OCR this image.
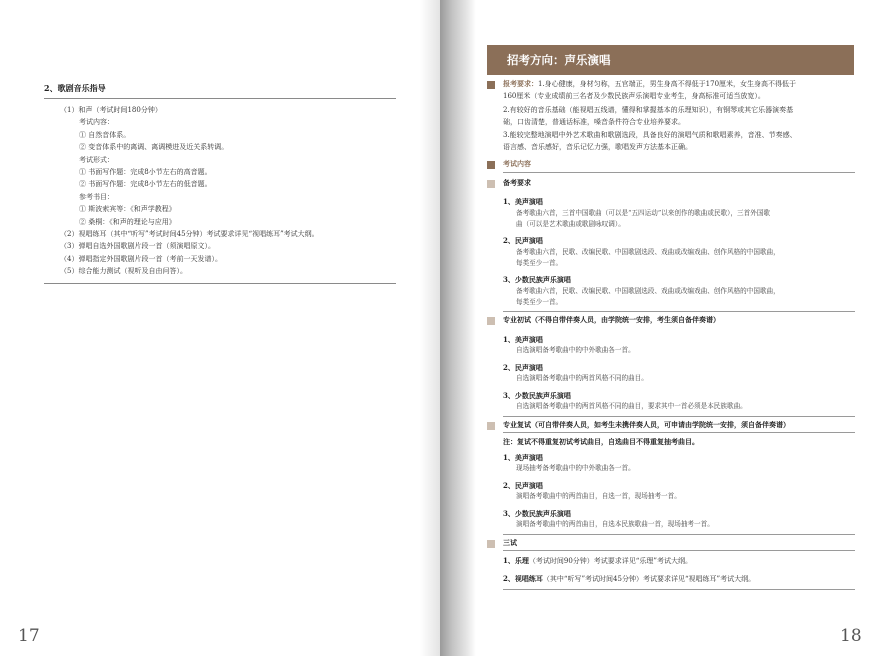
2、歌剧音乐指导
（1）和声（考试时间180分钟）
考试内容：
① 自然音体系。
② 变音体系中的离调、离调模进及近关系转调。
考试形式：
① 书面写作题：完成8小节左右的高音题。
② 书面写作题：完成8小节左右的低音题。
参考书目：
① 斯波索宾等：《和声学教程》
② 桑桐：《和声的理论与应用》
（2）视唱练耳（其中“听写”考试时间45分钟）考试要求详见“视唱练耳”考试大纲。
（3）弹唱自选外国歌剧片段一首（须演唱原文）。
（4）弹唱指定外国歌剧片段一首（考前一天发谱）。
（5）综合能力测试（视听及自由问答）。
17
招考方向：声乐演唱
报考要求：1.身心健康，身材匀称，五官端正，男生身高不得低于170厘米，女生身高不得低于
160厘米（专业成绩前三名者及少数民族声乐演唱专业考生，身高标准可适当放宽）。
2.有较好的音乐基础（能视唱五线谱，懂得和掌握基本的乐理知识），有钢琴或其它乐器演奏基
础，口齿清楚，普通话标准，嗓音条件符合专业培养要求。
3.能较完整地演唱中外艺术歌曲和歌剧选段，具备良好的演唱气质和歌唱素养，音准、节奏感、
语言感、音乐感好，音乐记忆力强，歌唱发声方法基本正确。
考试内容
备考要求
1、美声演唱
备考歌曲六首，三首中国歌曲（可以是“五四运动”以来创作的歌曲或民歌），三首外国歌
曲（可以是艺术歌曲或歌剧咏叹调）。
2、民声演唱
备考歌曲六首，民歌、改编民歌、中国歌剧选段、戏曲或改编戏曲、创作风格的中国歌曲，
每类至少一首。
3、少数民族声乐演唱
备考歌曲六首，民歌、改编民歌、中国歌剧选段、戏曲或改编戏曲、创作风格的中国歌曲，
每类至少一首。
专业初试（不得自带伴奏人员，由学院统一安排，考生须自备伴奏谱）
1、美声演唱
自选演唱备考歌曲中的中外歌曲各一首。
2、民声演唱
自选演唱备考歌曲中的两首风格不同的曲目。
3、少数民族声乐演唱
自选演唱备考歌曲中的两首风格不同的曲目，要求其中一首必须是本民族歌曲。
专业复试（可自带伴奏人员，如考生未携伴奏人员，可申请由学院统一安排，须自备伴奏谱）
注：复试不得重复初试考试曲目，自选曲目不得重复抽考曲目。
1、美声演唱
现场抽考备考歌曲中的中外歌曲各一首。
2、民声演唱
演唱备考歌曲中的两首曲目，自选一首，现场抽考一首。
3、少数民族声乐演唱
演唱备考歌曲中的两首曲目，自选本民族歌曲一首，现场抽考一首。
三试
1、乐理（考试时间90分钟）考试要求详见“乐理”考试大纲。
2、视唱练耳（其中“听写”考试时间45分钟）考试要求详见“视唱练耳”考试大纲。
18
